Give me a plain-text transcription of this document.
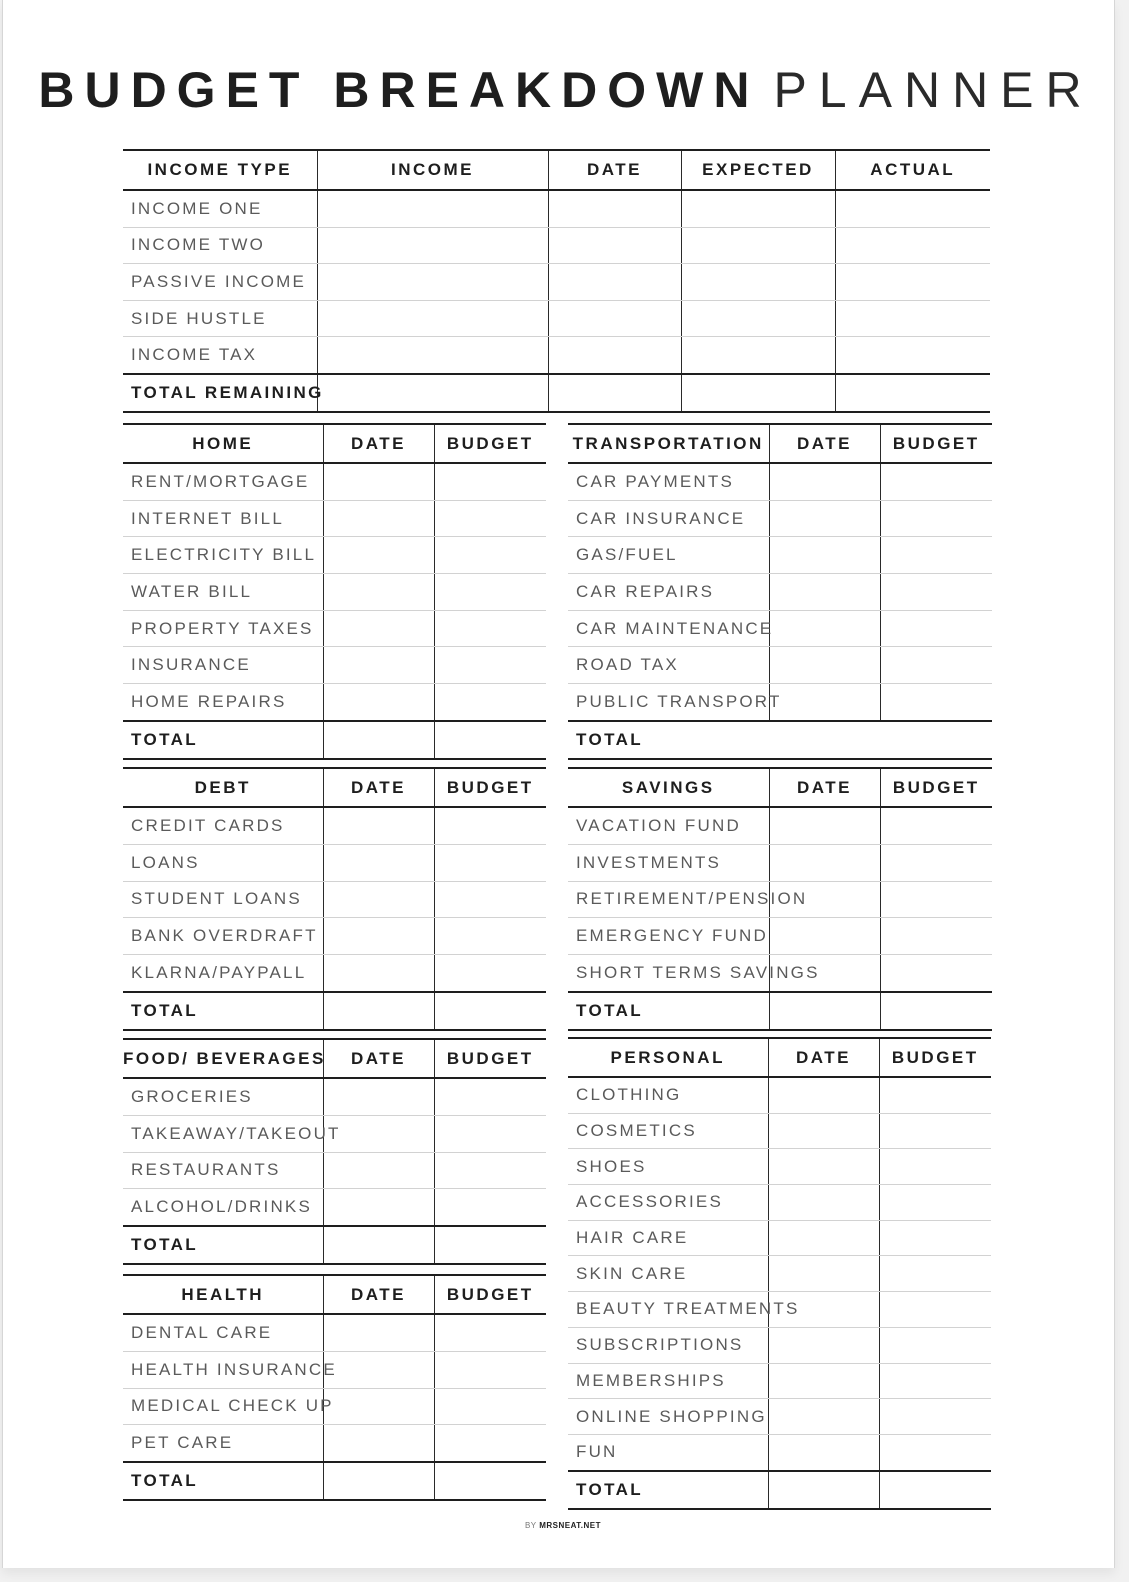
BUDGET BREAKDOWN PLANNER
INCOME TYPE	INCOME	DATE	EXPECTED	ACTUAL
INCOME ONE				
INCOME TWO				
PASSIVE INCOME				
SIDE HUSTLE				
INCOME TAX				
TOTAL REMAINING				
HOME	DATE	BUDGET
RENT/MORTGAGE		
INTERNET BILL		
ELECTRICITY BILL		
WATER BILL		
PROPERTY TAXES		
INSURANCE		
HOME REPAIRS		
TOTAL		
TRANSPORTATION	DATE	BUDGET
CAR PAYMENTS		
CAR INSURANCE		
GAS/FUEL		
CAR REPAIRS		
CAR MAINTENANCE		
ROAD TAX		
PUBLIC TRANSPORT		
TOTAL		
DEBT	DATE	BUDGET
CREDIT CARDS		
LOANS		
STUDENT LOANS		
BANK OVERDRAFT		
KLARNA/PAYPALL		
TOTAL		
SAVINGS	DATE	BUDGET
VACATION FUND		
INVESTMENTS		
RETIREMENT/PENSION		
EMERGENCY FUND		
SHORT TERMS SAVINGS		
TOTAL		
FOOD/ BEVERAGES	DATE	BUDGET
GROCERIES		
TAKEAWAY/TAKEOUT		
RESTAURANTS		
ALCOHOL/DRINKS		
TOTAL		
HEALTH	DATE	BUDGET
DENTAL CARE		
HEALTH INSURANCE		
MEDICAL CHECK UP		
PET CARE		
TOTAL		
PERSONAL	DATE	BUDGET
CLOTHING		
COSMETICS		
SHOES		
ACCESSORIES		
HAIR CARE		
SKIN CARE		
BEAUTY TREATMENTS		
SUBSCRIPTIONS		
MEMBERSHIPS		
ONLINE SHOPPING		
FUN		
TOTAL		
BY MRSNEAT.NET
